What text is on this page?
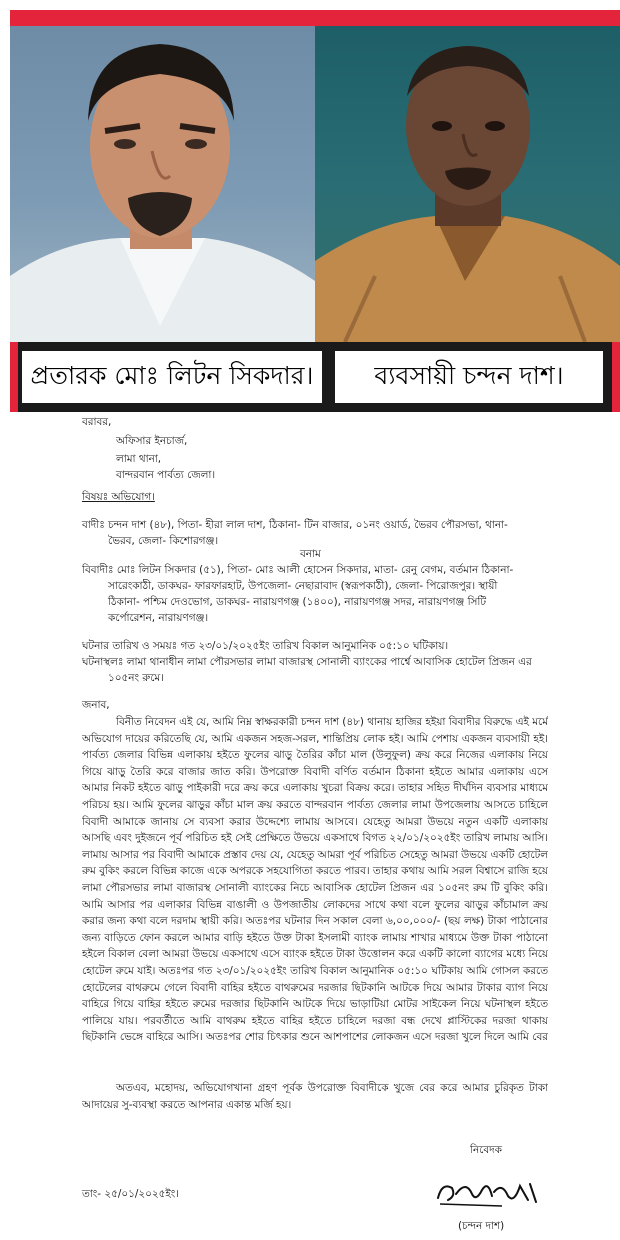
প্রতারক মোঃ লিটন সিকদার।	ব্যবসায়ী চন্দন দাশ।
বরাবর,
অফিসার ইনচার্জ,
লামা থানা,
বান্দরবান পার্বত্য জেলা।
বিষয়ঃ অভিযোগ।
বাদীঃ চন্দন দাশ (৪৮), পিতা- হীরা লাল দাশ, ঠিকানা- টিন বাজার, ০১নং ওয়ার্ড, ভৈরব পৌরসভা, থানা-
ভৈরব, জেলা- কিশোরগঞ্জ।
বনাম
বিবাদীঃ মোঃ লিটন সিকদার (৫১), পিতা- মোঃ আলী হোসেন সিকদার, মাতা- রেনু বেগম, বর্তমান ঠিকানা-
সারেংকাঠী, ডাকঘর- ফারফারহাট, উপজেলা- নেছারাবাদ (স্বরূপকাঠী), জেলা- পিরোজপুর। স্থায়ী
ঠিকানা- পশ্চিম দেওভোগ, ডাকঘর- নারায়ণগঞ্জ (১৪০০), নারায়ণগঞ্জ সদর, নারায়ণগঞ্জ সিটি
কর্পোরেশন, নারায়ণগঞ্জ।
ঘটনার তারিখ ও সময়ঃ গত ২৩/০১/২০২৫ইং তারিখ বিকাল আনুমানিক ০৫:১০ ঘটিকায়।
ঘটনাস্থলঃ লামা থানাধীন লামা পৌরসভার লামা বাজারস্থ সোনালী ব্যাংকের পার্শ্বে আবাসিক হোটেল প্রিজন এর
১০৫নং রুমে।
জনাব,
বিনীত নিবেদন এই যে, আমি নিম্ন স্বাক্ষরকারী চন্দন দাশ (৪৮) থানায় হাজির হইয়া বিবাদীর বিরুদ্ধে এই মর্মে অভিযোগ দায়ের করিতেছি যে, আমি একজন সহজ-সরল, শান্তিপ্রিয় লোক হই। আমি পেশায় একজন ব্যবসায়ী হই। পার্বত্য জেলার বিভিন্ন এলাকায় হইতে ফুলের ঝাড়ু তৈরির কাঁচা মাল (উলুফুল) ক্রয় করে নিজের এলাকায় নিয়ে গিয়ে ঝাড়ু তৈরি করে বাজার জাত করি। উপরোক্ত বিবাদী বর্ণিত বর্তমান ঠিকানা হইতে আমার এলাকায় এসে আমার নিকট হইতে ঝাড়ু পাইকারী দরে ক্রয় করে এলাকায় খুচরা বিক্রয় করে। তাহার সহিত দীর্ঘদিন ব্যবসার মাধ্যমে পরিচয় হয়। আমি ফুলের ঝাড়ুর কাঁচা মাল ক্রয় করতে বান্দরবান পার্বত্য জেলার লামা উপজেলায় আসতে চাহিলে বিবাদী আমাকে জানায় সে ব্যবসা করার উদ্দেশ্যে লামায় আসবে। যেহেতু আমরা উভয়ে নতুন একটি এলাকায় আসছি এবং দুইজনে পূর্ব পরিচিত হই সেই প্রেক্ষিতে উভয়ে একসাথে বিগত ২২/০১/২০২৫ইং তারিখ লামায় আসি। লামায় আসার পর বিবাদী আমাকে প্রস্তাব দেয় যে, যেহেতু আমরা পূর্ব পরিচিত সেহেতু আমরা উভয়ে একটি হোটেল রুম বুকিং করলে বিভিন্ন কাজে একে অপরকে সহযোগিতা করতে পারব। তাহার কথায় আমি সরল বিশ্বাসে রাজি হয়ে লামা পৌরসভার লামা বাজারস্থ সোনালী ব্যাংকের নিচে আবাসিক হোটেল প্রিজন এর ১০৫নং রুম টি বুকিং করি। আমি আসার পর এলাকার বিভিন্ন বাঙালী ও উপজাতীয় লোকদের সাথে কথা বলে ফুলের ঝাড়ুর কাঁচামাল ক্রয় করার জন্য কথা বলে দরদাম স্থায়ী করি। অতঃপর ঘটনার দিন সকাল বেলা ৬,০০,০০০/- (ছয় লক্ষ) টাকা পাঠানোর জন্য বাড়িতে ফোন করলে আমার বাড়ি হইতে উক্ত টাকা ইসলামী ব্যাংক লামায় শাখার মাধ্যমে উক্ত টাকা পাঠানো হইলে বিকাল বেলা আমরা উভয়ে একসাথে এসে ব্যাংক হইতে টাকা উত্তোলন করে একটি কালো ব্যাগের মধ্যে নিয়ে হোটেল রুমে যাই। অতঃপর গত ২৩/০১/২০২৫ইং তারিখ বিকাল আনুমানিক ০৫:১০ ঘটিকায় আমি গোসল করতে হোটেলের বাথরুমে গেলে বিবাদী বাহির হইতে বাথরুমের দরজার ছিটকানি আটকে দিয়ে আমার টাকার ব্যাগ নিয়ে বাহিরে গিয়ে বাহির হইতে রুমের দরজার ছিটকানি আটকে দিয়ে ভাড়াটিয়া মোটর সাইকেল নিয়ে ঘটনাস্থল হইতে পালিয়ে যায়। পরবর্তীতে আমি বাথরুম হইতে বাহির হইতে চাহিলে দরজা বন্ধ দেখে প্লাস্টিকের দরজা থাকায় ছিটকানি ভেঙ্গে বাহিরে আসি। অতঃপর শোর চিৎকার শুনে আশপাশের লোকজন এসে দরজা খুলে দিলে আমি বের
অতএব, মহোদয়, অভিযোগখানা গ্রহণ পূর্বক উপরোক্ত বিবাদীকে খুজে বের করে আমার চুরিকৃত টাকা আদায়ের সু-ব্যবস্থা করতে আপনার একান্ত মর্জি হয়।
তাং- ২৫/০১/২০২৫ইং।
নিবেদক
(চন্দন দাশ)
